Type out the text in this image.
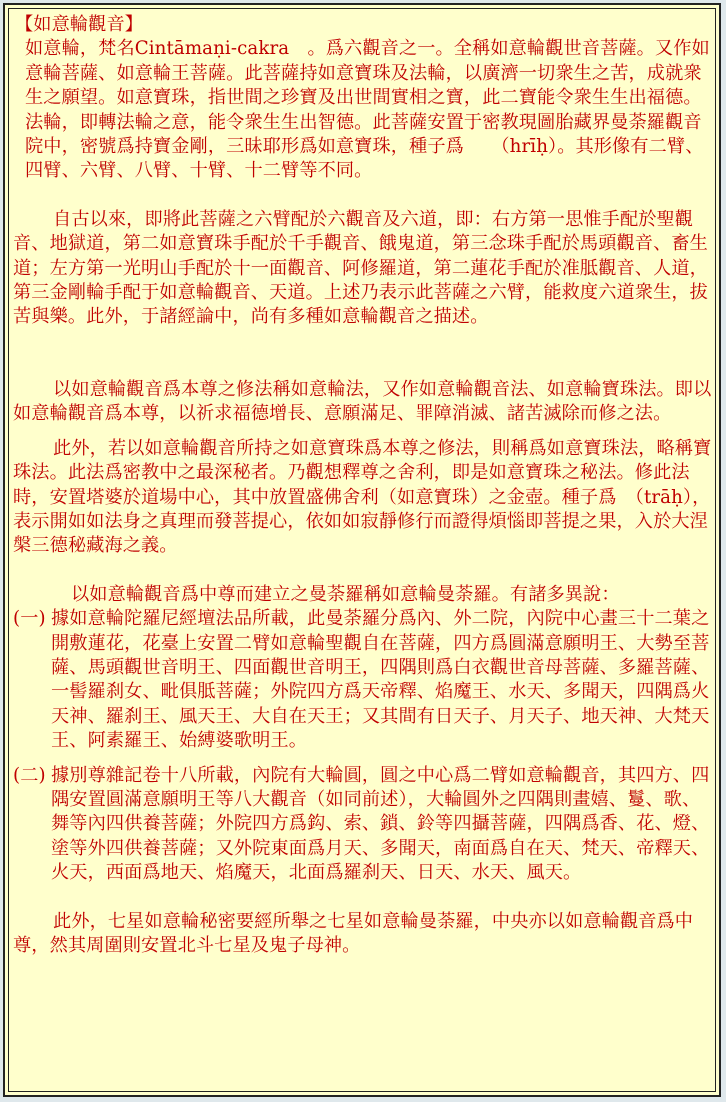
【如意輪觀音】

如意輪，梵名Cintāmaṇi-cakra　。爲六觀音之一。全稱如意輪觀世音菩薩。又作如意輪菩薩、如意輪王菩薩。此菩薩持如意寶珠及法輪，以廣濟一切衆生之苦，成就衆生之願望。如意寶珠，指世間之珍寶及出世間實相之寶，此二寶能令衆生生出福德。法輪，即轉法輪之意，能令衆生生出智德。此菩薩安置于密教現圖胎藏界曼荼羅觀音院中，密號爲持寶金剛，三昧耶形爲如意寶珠，種子爲　　（hrīḥ）。其形像有二臂、四臂、六臂、八臂、十臂、十二臂等不同。

自古以來，即將此菩薩之六臂配於六觀音及六道，即：右方第一思惟手配於聖觀音、地獄道，第二如意寶珠手配於千手觀音、餓鬼道，第三念珠手配於馬頭觀音、畜生道；左方第一光明山手配於十一面觀音、阿修羅道，第二蓮花手配於准胝觀音、人道，第三金剛輪手配于如意輪觀音、天道。上述乃表示此菩薩之六臂，能救度六道衆生，拔苦與樂。此外，于諸經論中，尚有多種如意輪觀音之描述。

以如意輪觀音爲本尊之修法稱如意輪法，又作如意輪觀音法、如意輪寶珠法。即以如意輪觀音爲本尊，以祈求福德增長、意願滿足、罪障消滅、諸苦滅除而修之法。

此外，若以如意輪觀音所持之如意寶珠爲本尊之修法，則稱爲如意寶珠法，略稱寶珠法。此法爲密教中之最深秘者。乃觀想釋尊之舍利，即是如意寶珠之秘法。修此法時，安置塔婆於道場中心，其中放置盛佛舍利（如意寶珠）之金壺。種子爲　（trāḥ），表示開如如法身之真理而發菩提心，依如如寂靜修行而證得煩惱即菩提之果，入於大涅槃三德秘藏海之義。

以如意輪觀音爲中尊而建立之曼荼羅稱如意輪曼荼羅。有諸多異說：

(一) 據如意輪陀羅尼經壇法品所載，此曼荼羅分爲內、外二院，內院中心畫三十二葉之開敷蓮花，花臺上安置二臂如意輪聖觀自在菩薩，四方爲圓滿意願明王、大勢至菩薩、馬頭觀世音明王、四面觀世音明王，四隅則爲白衣觀世音母菩薩、多羅菩薩、一髻羅刹女、毗俱胝菩薩；外院四方爲天帝釋、焰魔王、水天、多聞天，四隅爲火天神、羅刹王、風天王、大自在天王；又其間有日天子、月天子、地天神、大梵天王、阿素羅王、始縛婆歌明王。
(二) 據別尊雜記卷十八所載，內院有大輪圓，圓之中心爲二臂如意輪觀音，其四方、四隅安置圓滿意願明王等八大觀音（如同前述），大輪圓外之四隅則畫嬉、鬘、歌、舞等內四供養菩薩；外院四方爲鈎、索、鎖、鈴等四攝菩薩，四隅爲香、花、燈、塗等外四供養菩薩；又外院東面爲月天、多聞天，南面爲自在天、梵天、帝釋天、火天，西面爲地天、焰魔天，北面爲羅刹天、日天、水天、風天。

此外，七星如意輪秘密要經所舉之七星如意輪曼荼羅，中央亦以如意輪觀音爲中尊，然其周圍則安置北斗七星及鬼子母神。
